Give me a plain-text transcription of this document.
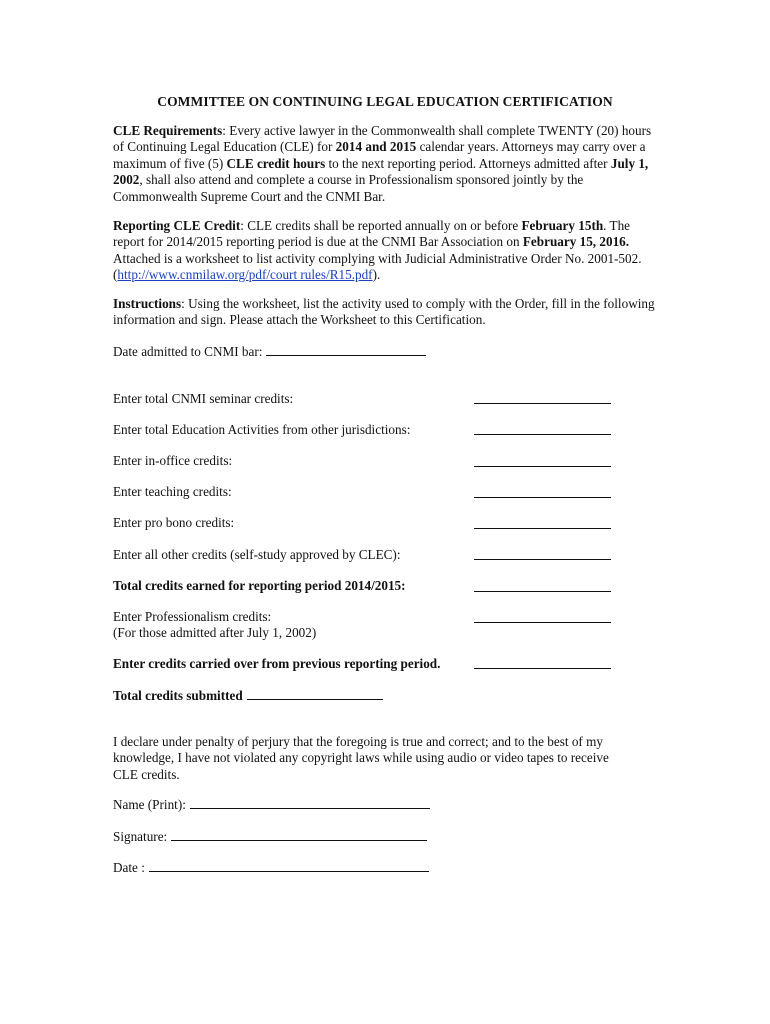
COMMITTEE ON CONTINUING LEGAL EDUCATION CERTIFICATION
CLE Requirements: Every active lawyer in the Commonwealth shall complete TWENTY (20) hours of Continuing Legal Education (CLE) for 2014 and 2015 calendar years. Attorneys may carry over a maximum of five (5) CLE credit hours to the next reporting period. Attorneys admitted after July 1, 2002, shall also attend and complete a course in Professionalism sponsored jointly by the Commonwealth Supreme Court and the CNMI Bar.
Reporting CLE Credit: CLE credits shall be reported annually on or before February 15th. The report for 2014/2015 reporting period is due at the CNMI Bar Association on February 15, 2016. Attached is a worksheet to list activity complying with Judicial Administrative Order No. 2001-502. (http://www.cnmilaw.org/pdf/court rules/R15.pdf).
Instructions: Using the worksheet, list the activity used to comply with the Order, fill in the following information and sign. Please attach the Worksheet to this Certification.
Date admitted to CNMI bar:
Enter total CNMI seminar credits:
Enter total Education Activities from other jurisdictions:
Enter in-office credits:
Enter teaching credits:
Enter pro bono credits:
Enter all other credits (self-study approved by CLEC):
Total credits earned for reporting period 2014/2015:
Enter Professionalism credits:
(For those admitted after July 1, 2002)
Enter credits carried over from previous reporting period.
Total credits submitted
I declare under penalty of perjury that the foregoing is true and correct; and to the best of my knowledge, I have not violated any copyright laws while using audio or video tapes to receive CLE credits.
Name (Print):
Signature:
Date :
